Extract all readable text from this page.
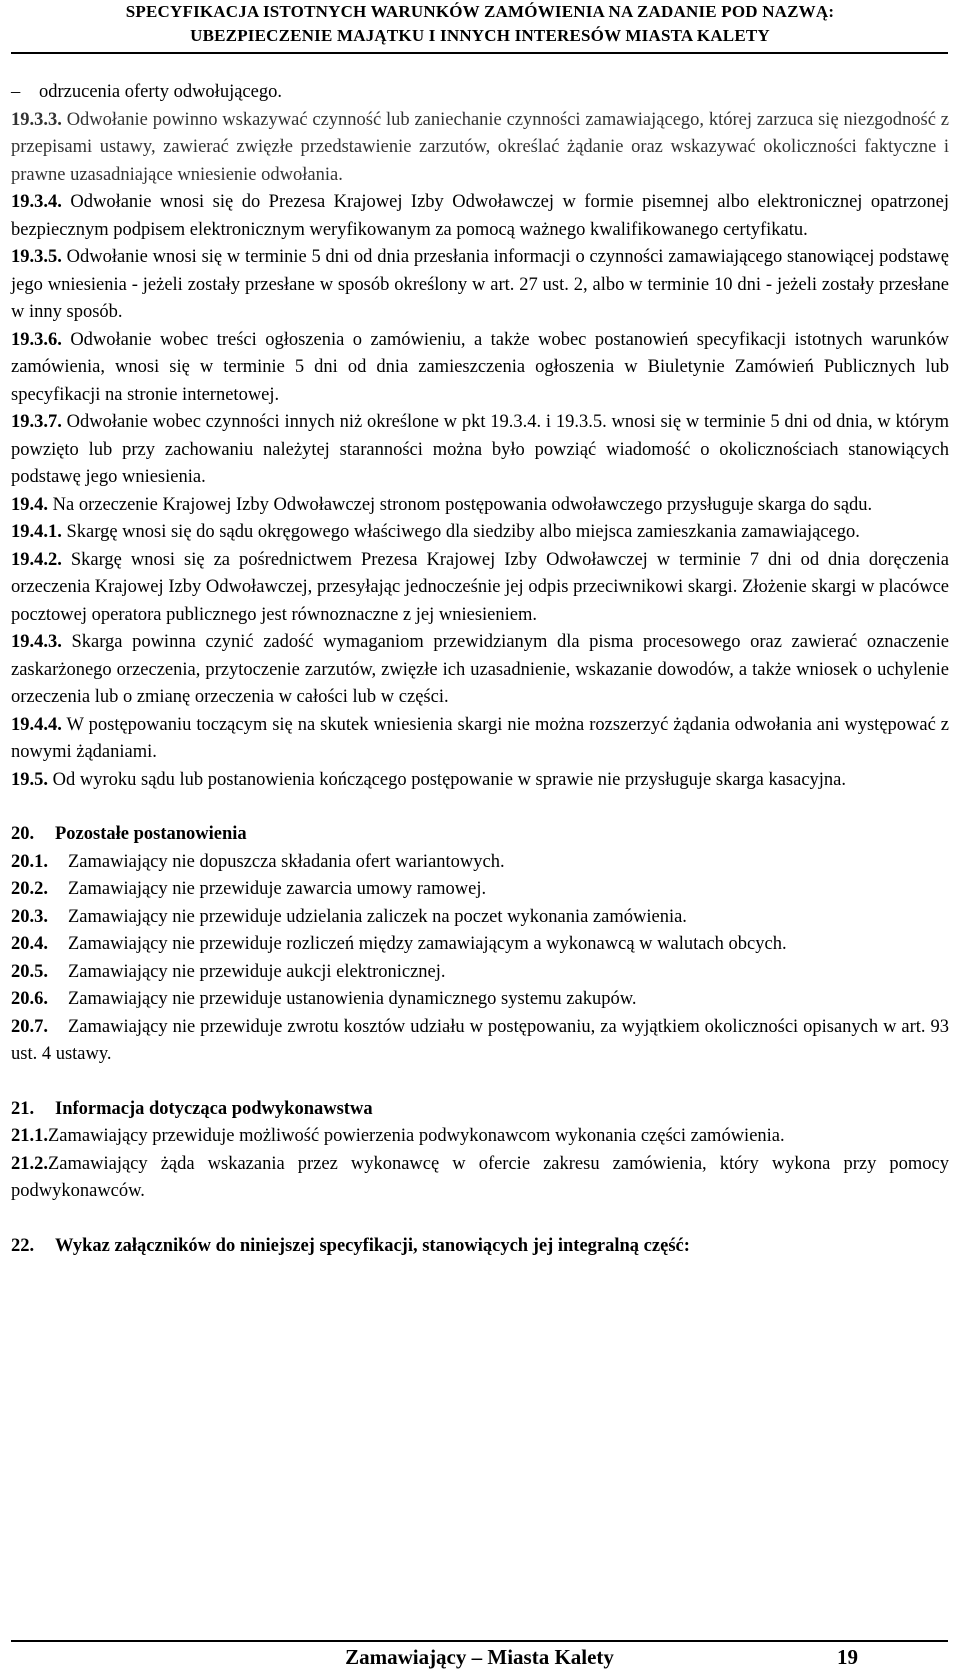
SPECYFIKACJA ISTOTNYCH WARUNKÓW ZAMÓWIENIA NA ZADANIE POD NAZWĄ:
UBEZPIECZENIE MAJĄTKU I INNYCH INTERESÓW MIASTA KALETY

– odrzucenia oferty odwołującego.

19.3.3. Odwołanie powinno wskazywać czynność lub zaniechanie czynności zamawiającego, której zarzuca się niezgodność z przepisami ustawy, zawierać zwięzłe przedstawienie zarzutów, określać żądanie oraz wskazywać okoliczności faktyczne i prawne uzasadniające wniesienie odwołania.

19.3.4. Odwołanie wnosi się do Prezesa Krajowej Izby Odwoławczej w formie pisemnej albo elektronicznej opatrzonej bezpiecznym podpisem elektronicznym weryfikowanym za pomocą ważnego kwalifikowanego certyfikatu.

19.3.5. Odwołanie wnosi się w terminie 5 dni od dnia przesłania informacji o czynności zamawiającego stanowiącej podstawę jego wniesienia - jeżeli zostały przesłane w sposób określony w art. 27 ust. 2, albo w terminie 10 dni - jeżeli zostały przesłane w inny sposób.

19.3.6. Odwołanie wobec treści ogłoszenia o zamówieniu, a także wobec postanowień specyfikacji istotnych warunków zamówienia, wnosi się w terminie 5 dni od dnia zamieszczenia ogłoszenia w Biuletynie Zamówień Publicznych lub specyfikacji na stronie internetowej.

19.3.7. Odwołanie wobec czynności innych niż określone w pkt 19.3.4. i 19.3.5. wnosi się w terminie 5 dni od dnia, w którym powzięto lub przy zachowaniu należytej staranności można było powziąć wiadomość o okolicznościach stanowiących podstawę jego wniesienia.

19.4. Na orzeczenie Krajowej Izby Odwoławczej stronom postępowania odwoławczego przysługuje skarga do sądu.

19.4.1. Skargę wnosi się do sądu okręgowego właściwego dla siedziby albo miejsca zamieszkania zamawiającego.

19.4.2. Skargę wnosi się za pośrednictwem Prezesa Krajowej Izby Odwoławczej w terminie 7 dni od dnia doręczenia orzeczenia Krajowej Izby Odwoławczej, przesyłając jednocześnie jej odpis przeciwnikowi skargi. Złożenie skargi w placówce pocztowej operatora publicznego jest równoznaczne z jej wniesieniem.

19.4.3. Skarga powinna czynić zadość wymaganiom przewidzianym dla pisma procesowego oraz zawierać oznaczenie zaskarżonego orzeczenia, przytoczenie zarzutów, zwięzłe ich uzasadnienie, wskazanie dowodów, a także wniosek o uchylenie orzeczenia lub o zmianę orzeczenia w całości lub w części.

19.4.4. W postępowaniu toczącym się na skutek wniesienia skargi nie można rozszerzyć żądania odwołania ani występować z nowymi żądaniami.

19.5. Od wyroku sądu lub postanowienia kończącego postępowanie w sprawie nie przysługuje skarga kasacyjna.

20. Pozostałe postanowienia

20.1. Zamawiający nie dopuszcza składania ofert wariantowych.

20.2. Zamawiający nie przewiduje zawarcia umowy ramowej.

20.3. Zamawiający nie przewiduje udzielania zaliczek na poczet wykonania zamówienia.

20.4. Zamawiający nie przewiduje rozliczeń między zamawiającym a wykonawcą w walutach obcych.

20.5. Zamawiający nie przewiduje aukcji elektronicznej.

20.6. Zamawiający nie przewiduje ustanowienia dynamicznego systemu zakupów.

20.7. Zamawiający nie przewiduje zwrotu kosztów udziału w postępowaniu, za wyjątkiem okoliczności opisanych w art. 93 ust. 4 ustawy.

21. Informacja dotycząca podwykonawstwa

21.1.Zamawiający przewiduje możliwość powierzenia podwykonawcom wykonania części zamówienia.

21.2.Zamawiający żąda wskazania przez wykonawcę w ofercie zakresu zamówienia, który wykona przy pomocy podwykonawców.

22. Wykaz załączników do niniejszej specyfikacji, stanowiących jej integralną część:

Zamawiający – Miasta Kalety	19
